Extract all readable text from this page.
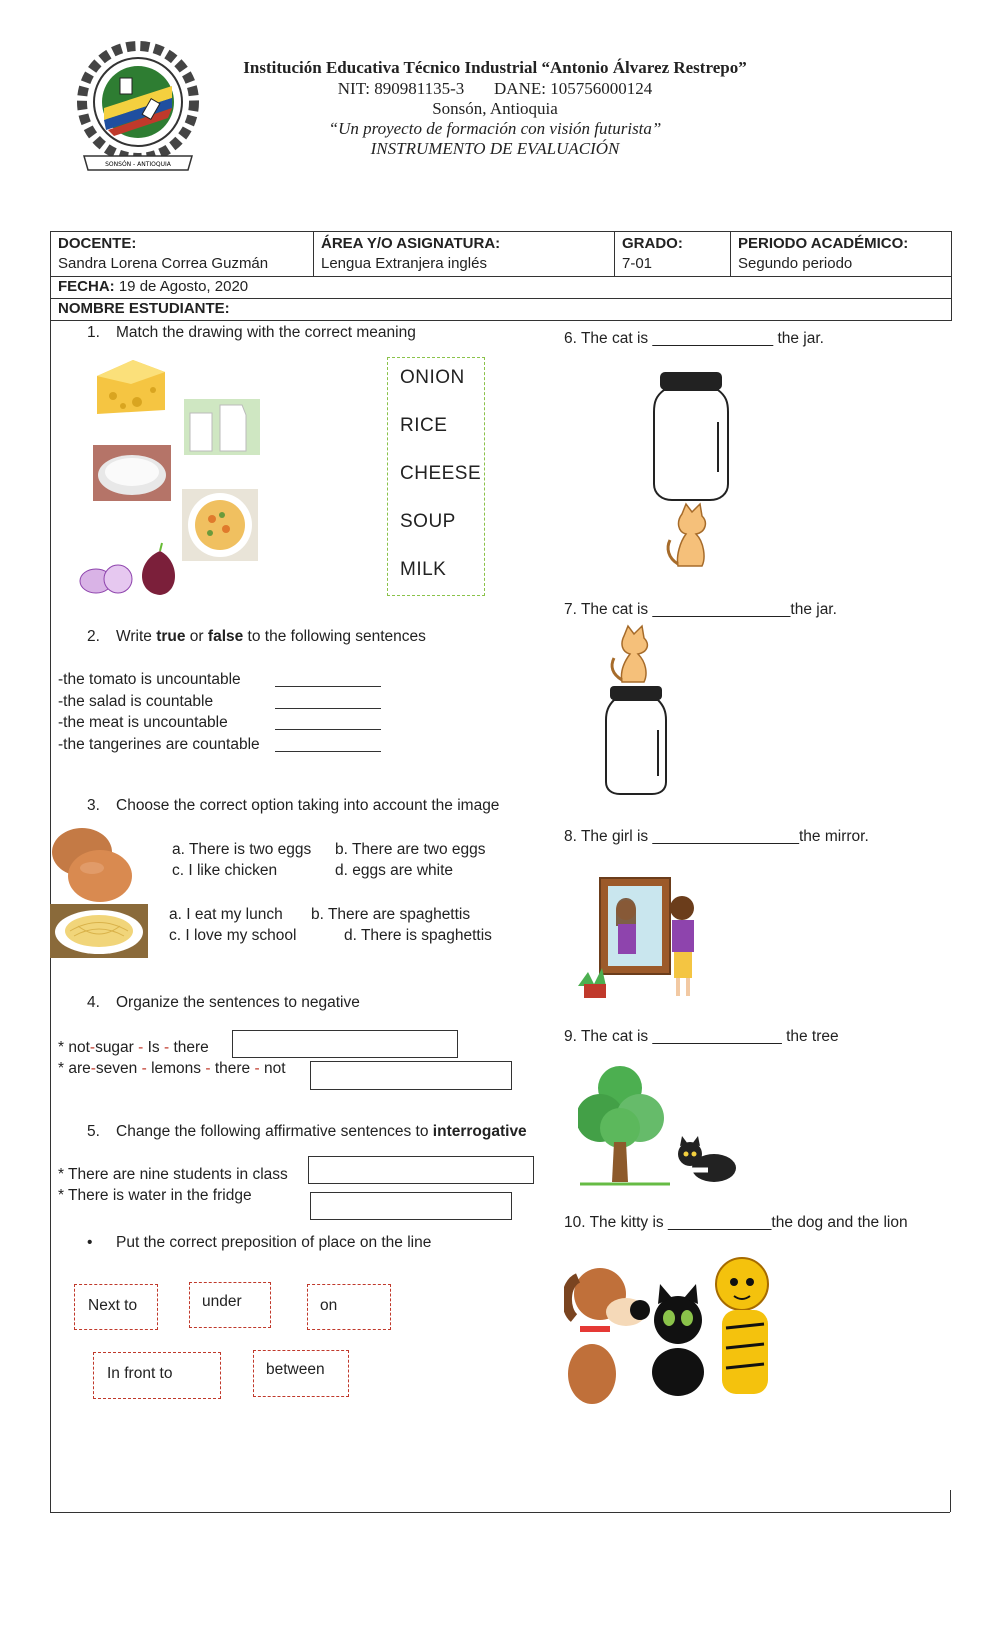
SONSÓN - ANTIOQUIA
Institución Educativa Técnico Industrial “Antonio Álvarez Restrepo”
NIT: 890981135-3 DANE: 105756000124
Sonsón, Antioquia
“Un proyecto de formación con visión futurista”
INSTRUMENTO DE EVALUACIÓN
DOCENTE:
Sandra Lorena Correa Guzmán
ÁREA Y/O ASIGNATURA:
Lengua Extranjera inglés
GRADO:
7-01
PERIODO ACADÉMICO:
Segundo periodo
FECHA: 19 de Agosto, 2020
NOMBRE ESTUDIANTE:
1. Match the drawing with the correct meaning
ONION
RICE
CHEESE
SOUP
MILK
2. Write true or false to the following sentences
-the tomato is uncountable
-the salad is countable
-the meat is uncountable
-the tangerines are countable
3. Choose the correct option taking into account the image
a. There is two eggs b. There are two eggs
c. I like chicken	d. eggs are white
a. I eat my lunch b. There are spaghettis
c. I love my school	d. There is spaghettis
4. Organize the sentences to negative
* not-sugar - Is - there
* are-seven - lemons - there - not
5. Change the following affirmative sentences to interrogative
* There are nine students in class
* There is water in the fridge
• Put the correct preposition of place on the line
Next to	under	on
In front to	between
6. The cat is ______________ the jar.
7. The cat is ________________the jar.
8. The girl is _________________the mirror.
9. The cat is _______________ the tree
10. The kitty is ____________the dog and the lion
